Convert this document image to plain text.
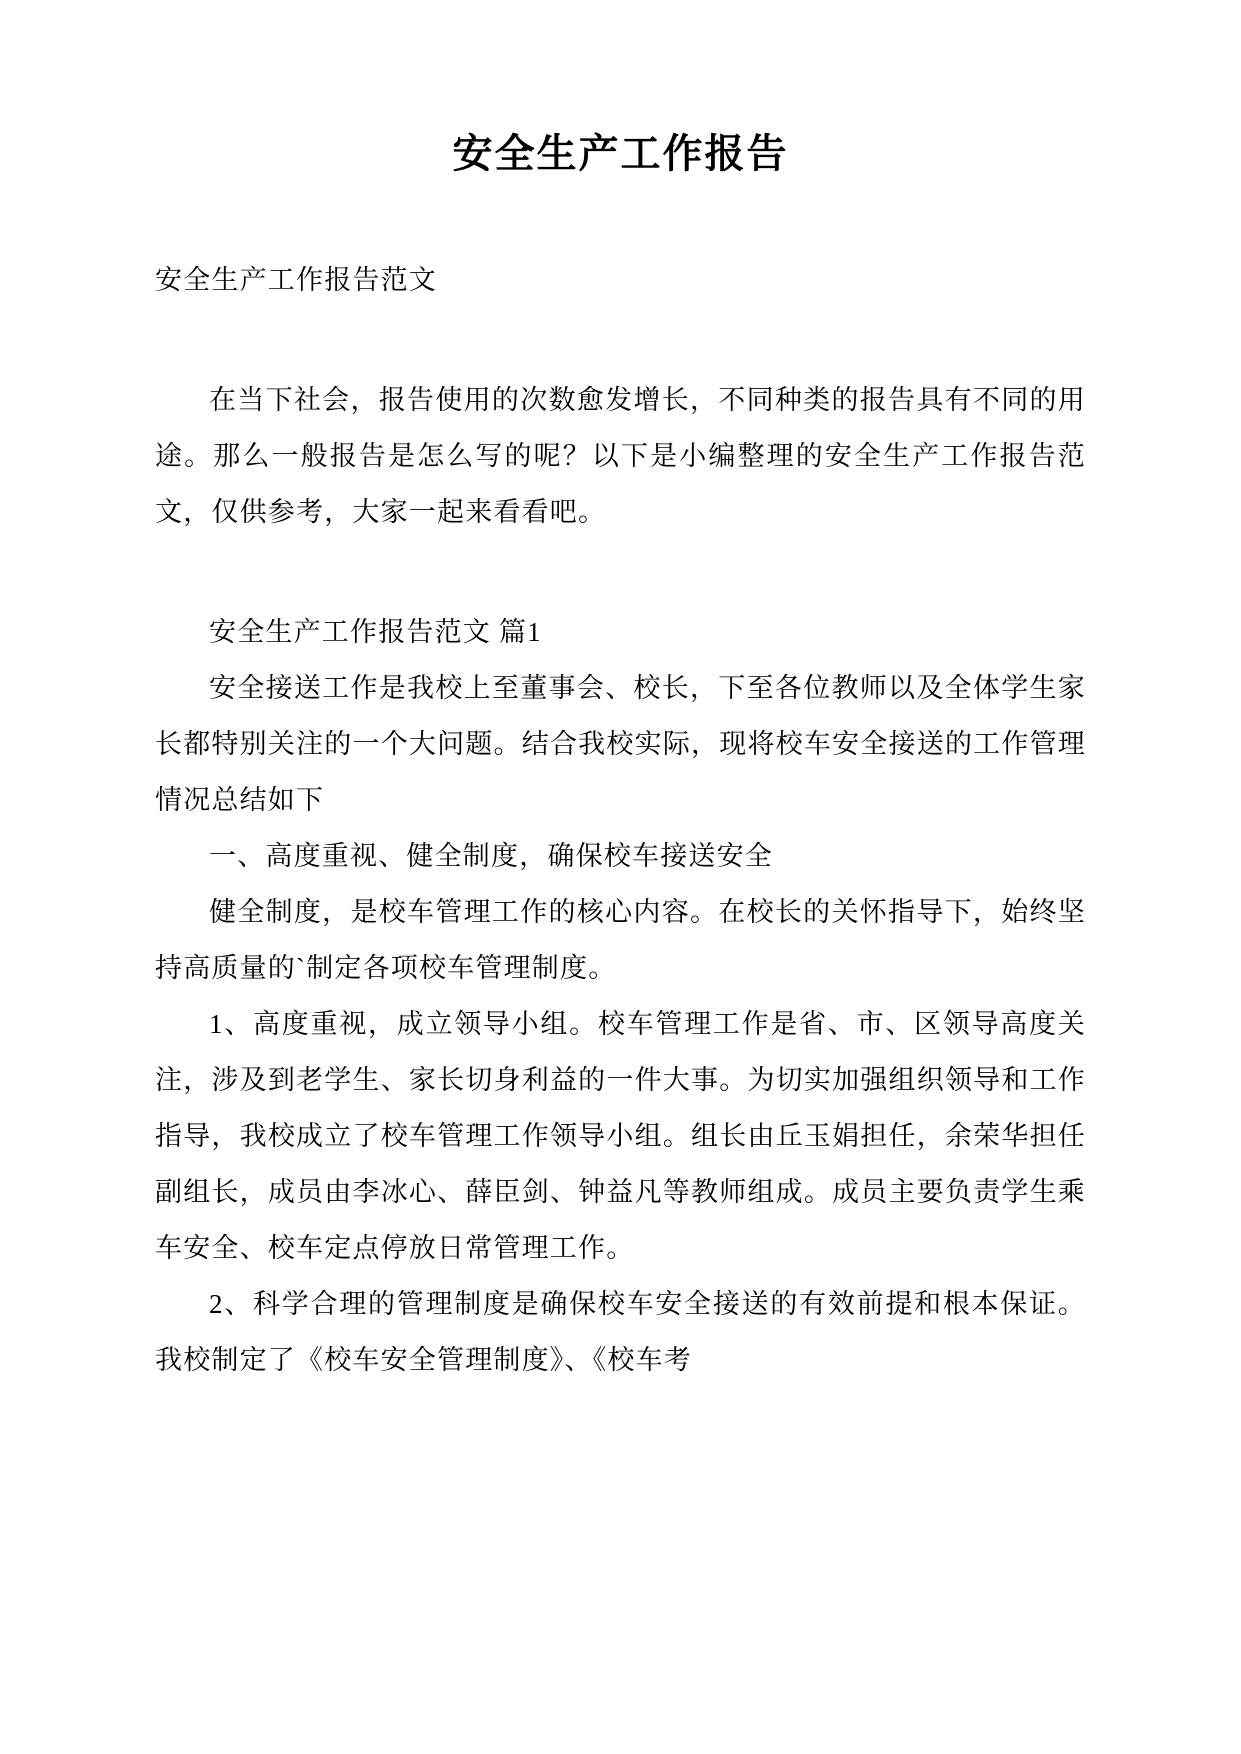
安全生产工作报告

安全生产工作报告范文

在当下社会，报告使用的次数愈发增长，不同种类的报告具有不同的用途。那么一般报告是怎么写的呢？以下是小编整理的安全生产工作报告范文，仅供参考，大家一起来看看吧。

安全生产工作报告范文 篇1

安全接送工作是我校上至董事会、校长，下至各位教师以及全体学生家长都特别关注的一个大问题。结合我校实际，现将校车安全接送的工作管理情况总结如下

一、高度重视、健全制度，确保校车接送安全

健全制度，是校车管理工作的核心内容。在校长的关怀指导下，始终坚持高质量的`制定各项校车管理制度。

1、高度重视，成立领导小组。校车管理工作是省、市、区领导高度关注，涉及到老学生、家长切身利益的一件大事。为切实加强组织领导和工作指导，我校成立了校车管理工作领导小组。组长由丘玉娟担任，余荣华担任副组长，成员由李冰心、薛臣剑、钟益凡等教师组成。成员主要负责学生乘车安全、校车定点停放日常管理工作。

2、科学合理的管理制度是确保校车安全接送的有效前提和根本保证。我校制定了《校车安全管理制度》、《校车考
